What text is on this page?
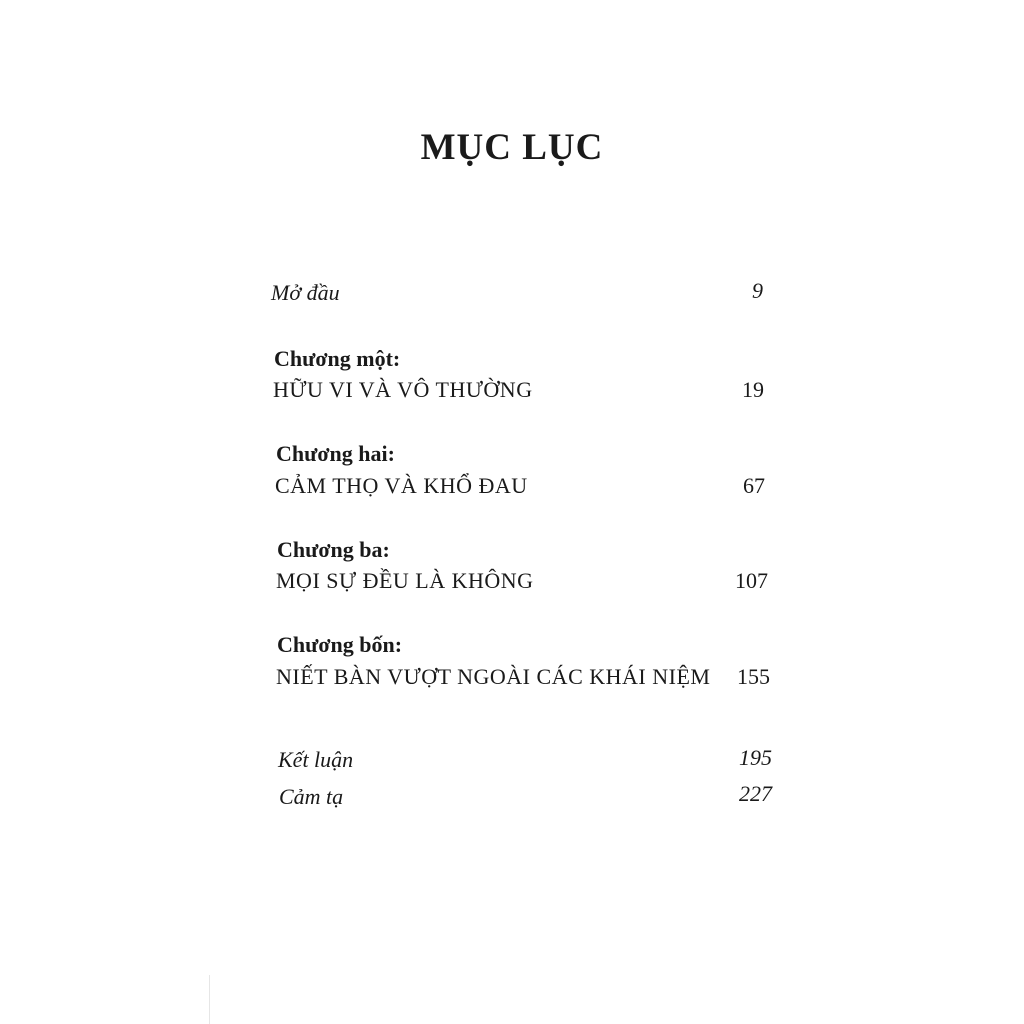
MỤC LỤC
Mở đầu	9
Chương một:
HỮU VI VÀ VÔ THƯỜNG	19
Chương hai:
CẢM THỌ VÀ KHỔ ĐAU	67
Chương ba:
MỌI SỰ ĐỀU LÀ KHÔNG	107
Chương bốn:
NIẾT BÀN VƯỢT NGOÀI CÁC KHÁI NIỆM 155
Kết luận	195
Cảm tạ	227
